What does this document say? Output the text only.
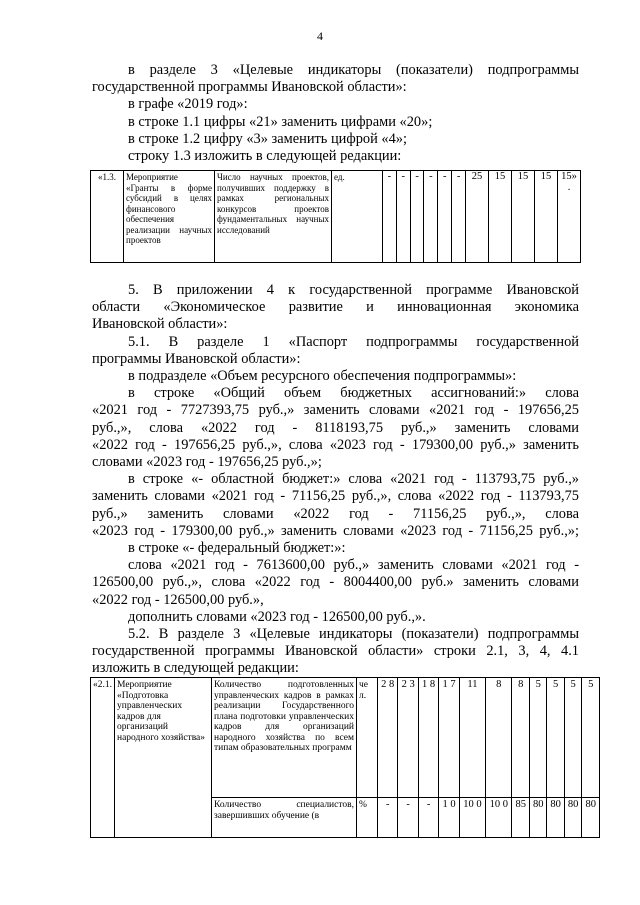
4
в разделе 3 «Целевые индикаторы (показатели) подпрограммы
государственной программы Ивановской области»:
в графе «2019 год»:
в строке 1.1 цифры «21» заменить цифрами «20»;
в строке 1.2 цифру «3» заменить цифрой «4»;
строку 1.3 изложить в следующей редакции:
«1.3.	Мероприятие «Гранты в форме субсидий в целях финансового обеспечения реализации научных проектов	Число научных проектов, получивших поддержку в рамках региональных конкурсов проектов фундаментальных научных исследований	ед.	-	-	-	-	-	-	25	15	15	15	15»
.
5. В приложении 4 к государственной программе Ивановской
области «Экономическое развитие и инновационная экономика
Ивановской области»:
5.1. В разделе 1 «Паспорт подпрограммы государственной
программы Ивановской области»:
в подразделе «Объем ресурсного обеспечения подпрограммы»:
в строке «Общий объем бюджетных ассигнований:» слова
«2021 год - 7727393,75 руб.,» заменить словами «2021 год - 197656,25
руб.,», слова «2022 год - 8118193,75 руб.,» заменить словами
«2022 год - 197656,25 руб.,», слова «2023 год - 179300,00 руб.,» заменить
словами «2023 год - 197656,25 руб.,»;
в строке «- областной бюджет:» слова «2021 год - 113793,75 руб.,»
заменить словами «2021 год - 71156,25 руб.,», слова «2022 год - 113793,75
руб.,» заменить словами «2022 год - 71156,25 руб.,», слова
«2023 год - 179300,00 руб.,» заменить словами «2023 год - 71156,25 руб.,»;
в строке «- федеральный бюджет:»:
слова «2021 год - 7613600,00 руб.,» заменить словами «2021 год -
126500,00 руб.,», слова «2022 год - 8004400,00 руб.» заменить словами
«2022 год - 126500,00 руб.»,
дополнить словами «2023 год - 126500,00 руб.,».
5.2. В разделе 3 «Целевые индикаторы (показатели) подпрограммы
государственной программы Ивановской области» строки 2.1, 3, 4, 4.1
изложить в следующей редакции:
«2.1.	Мероприятие «Подготовка управленческих кадров для организаций народного хозяйства»	Количество подготовленных управленческих кадров в рамках реализации Государственного плана подготовки управленческих кадров для организаций народного хозяйства по всем типам образовательных программ	че л.	2 8	2 3	1 8	1 7	11	8	8	5	5	5	5
		Количество специалистов, завершивших обучение (в	%	-	-	-	1 0	10 0	10 0	85	80	80	80	80
